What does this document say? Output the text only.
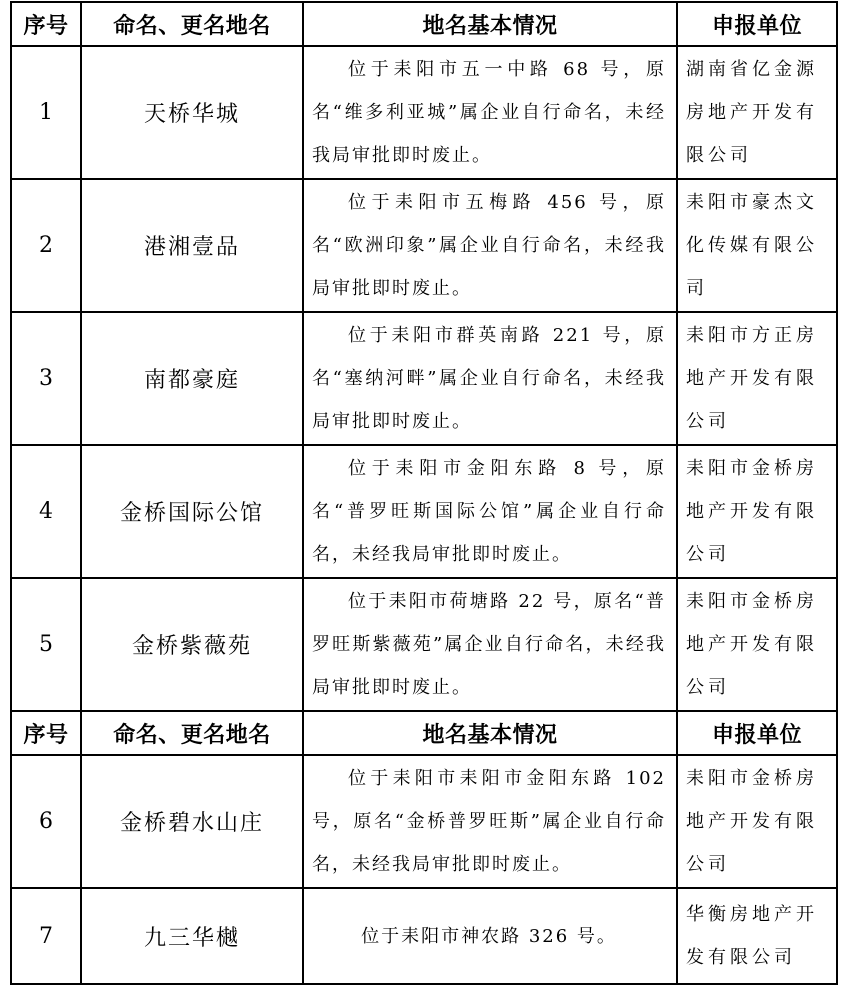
序号	命名、更名地名	地名基本情况	申报单位
1	天桥华城	位于耒阳市五一中路 68 号，原名“维多利亚城”属企业自行命名，未经我局审批即时废止。	湖南省亿金源房地产开发有限公司
2	港湘壹品	位于耒阳市五梅路 456 号，原名“欧洲印象”属企业自行命名，未经我局审批即时废止。	耒阳市豪杰文化传媒有限公司
3	南都豪庭	位于耒阳市群英南路 221 号，原名“塞纳河畔”属企业自行命名，未经我局审批即时废止。	耒阳市方正房地产开发有限公司
4	金桥国际公馆	位于耒阳市金阳东路 8 号，原名“普罗旺斯国际公馆”属企业自行命名，未经我局审批即时废止。	耒阳市金桥房地产开发有限公司
5	金桥紫薇苑	位于耒阳市荷塘路 22 号，原名“普罗旺斯紫薇苑”属企业自行命名，未经我局审批即时废止。	耒阳市金桥房地产开发有限公司
序号	命名、更名地名	地名基本情况	申报单位
6	金桥碧水山庄	位于耒阳市耒阳市金阳东路 102 号，原名“金桥普罗旺斯”属企业自行命名，未经我局审批即时废止。	耒阳市金桥房地产开发有限公司
7	九三华樾	位于耒阳市神农路 326 号。	华衡房地产开发有限公司
